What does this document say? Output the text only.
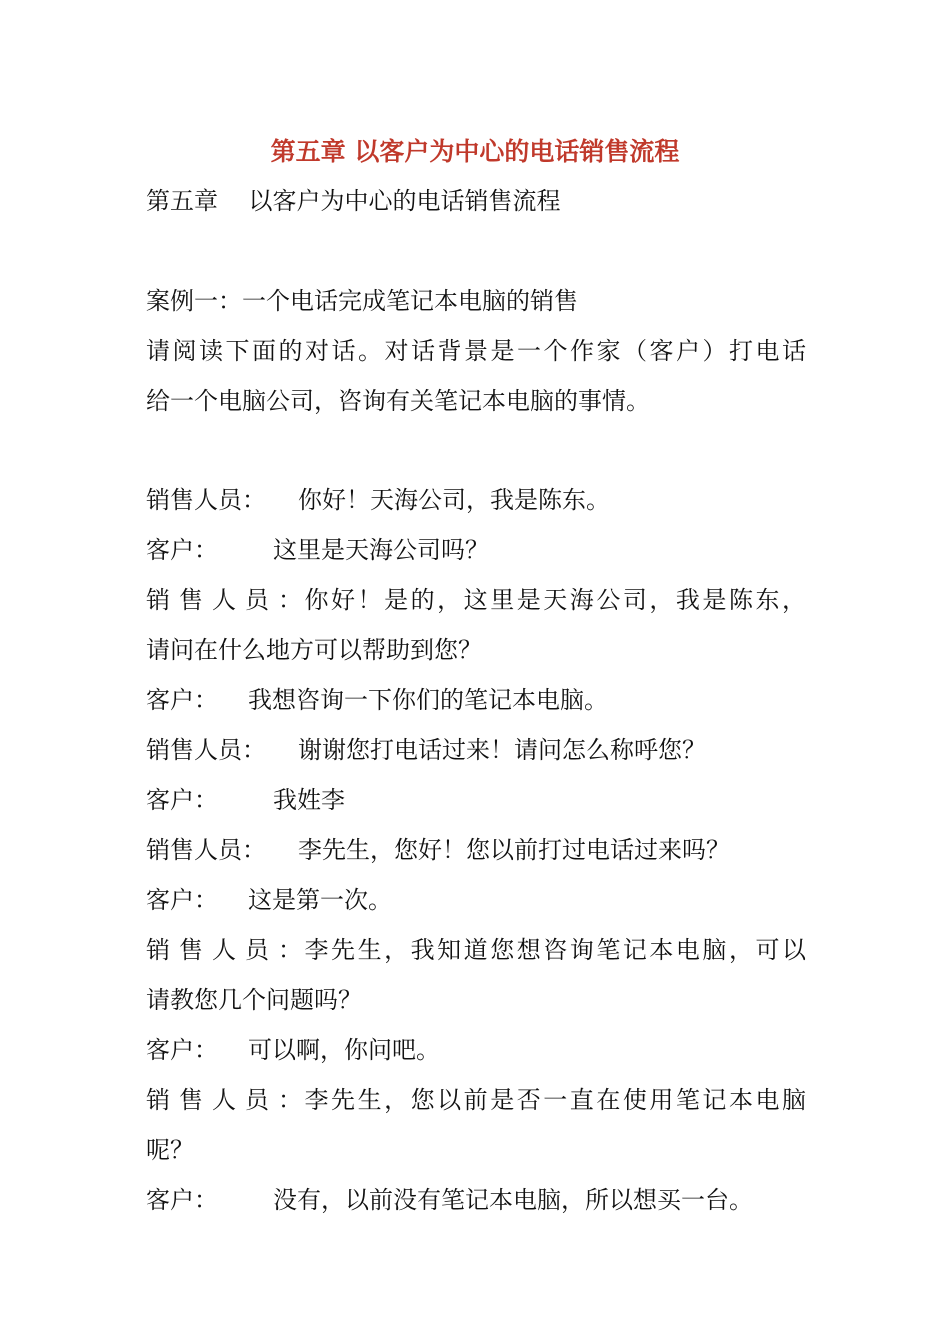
第五章 以客户为中心的电话销售流程

第五章    以客户为中心的电话销售流程

案例一：一个电话完成笔记本电脑的销售

请阅读下面的对话。对话背景是一个作家（客户）打电话

给一个电脑公司，咨询有关笔记本电脑的事情。

销售人员： 你好！天海公司，我是陈东。

客户： 这里是天海公司吗？

销售人员：你好！是的，这里是天海公司，我是陈东，

请问在什么地方可以帮助到您？

客户： 我想咨询一下你们的笔记本电脑。

销售人员： 谢谢您打电话过来！请问怎么称呼您？

客户： 我姓李

销售人员： 李先生，您好！您以前打过电话过来吗？

客户： 这是第一次。

销售人员：李先生，我知道您想咨询笔记本电脑，可以

请教您几个问题吗？

客户： 可以啊，你问吧。

销售人员：李先生，您以前是否一直在使用笔记本电脑

呢？

客户： 没有，以前没有笔记本电脑，所以想买一台。
